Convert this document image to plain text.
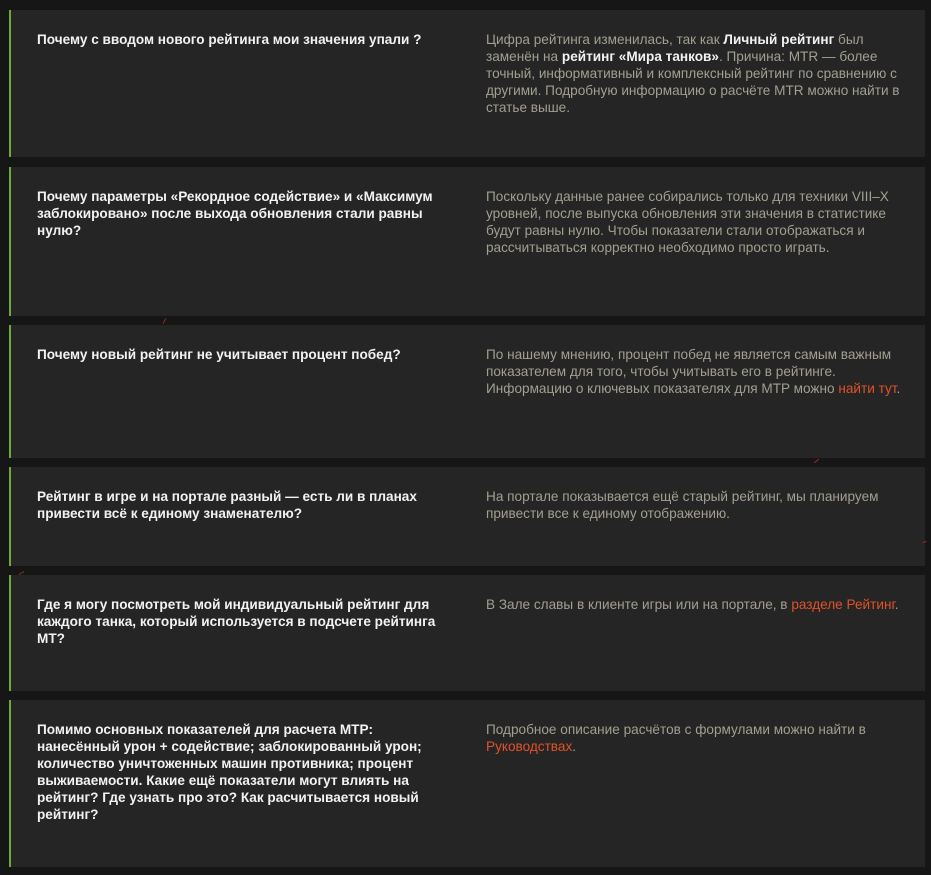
Почему с вводом нового рейтинга мои значения упали ?	Цифра рейтинга изменилась, так как Личный рейтинг был заменён на рейтинг «Мира танков». Причина: MTR — более точный, информативный и комплексный рейтинг по сравнению с другими. Подробную информацию о расчёте MTR можно найти в статье выше.
Почему параметры «Рекордное содействие» и «Максимум заблокировано» после выхода обновления стали равны нулю?
Поскольку данные ранее собирались только для техники VIII–X уровней, после выпуска обновления эти значения в статистике будут равны нулю. Чтобы показатели стали отображаться и рассчитываться корректно необходимо просто играть.
Почему новый рейтинг не учитывает процент побед?	По нашему мнению, процент побед не является самым важным показателем для того, чтобы учитывать его в рейтинге. Информацию о ключевых показателях для MTP можно найти тут.
Рейтинг в игре и на портале разный — есть ли в планах привести всё к единому знаменателю?
На портале показывается ещё старый рейтинг, мы планируем привести все к единому отображению.
Где я могу посмотреть мой индивидуальный рейтинг для каждого танка, который используется в подсчете рейтинга MT?
В Зале славы в клиенте игры или на портале, в разделе Рейтинг.
Помимо основных показателей для расчета MTP: нанесённый урон + содействие; заблокированный урон; количество уничтоженных машин противника; процент выживаемости. Какие ещё показатели могут влиять на рейтинг? Где узнать про это? Как расчитывается новый рейтинг?
Подробное описание расчётов с формулами можно найти в Руководствах.
